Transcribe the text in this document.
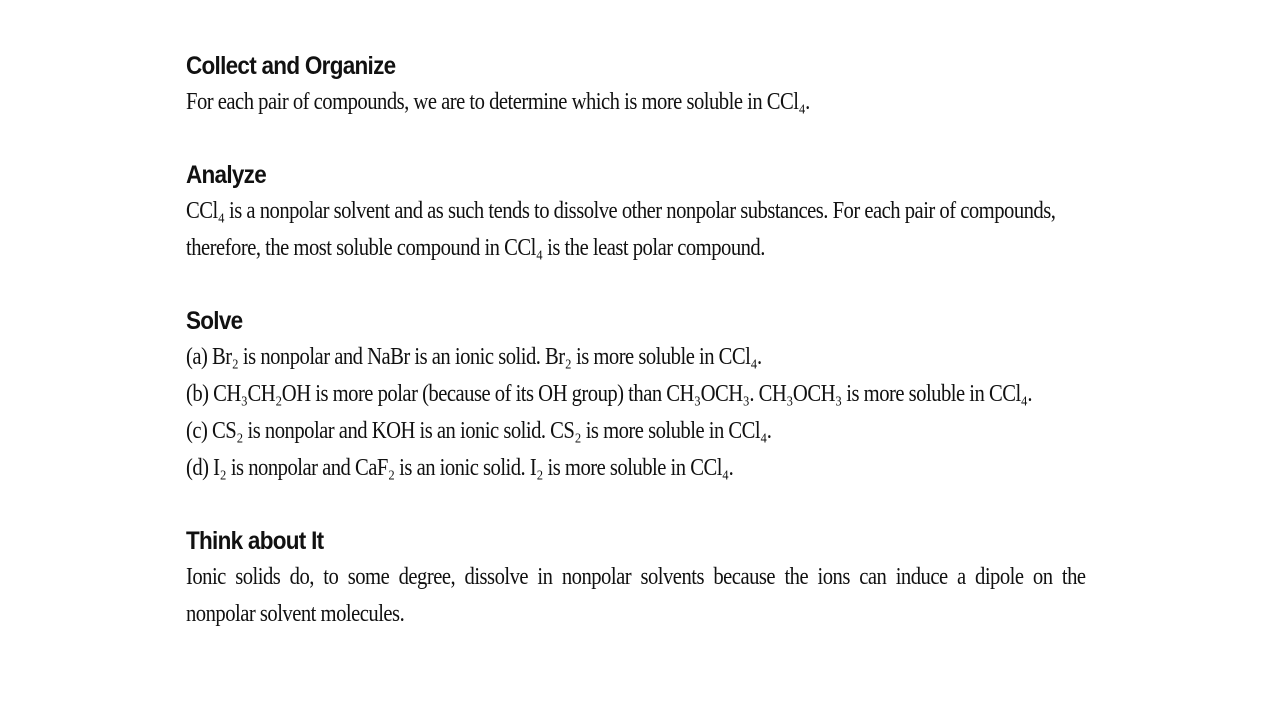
Collect and Organize

For each pair of compounds, we are to determine which is more soluble in CCl₄.

Analyze

CCl₄ is a nonpolar solvent and as such tends to dissolve other nonpolar substances. For each pair of compounds,

therefore, the most soluble compound in CCl₄ is the least polar compound.

Solve

(a) Br₂ is nonpolar and NaBr is an ionic solid. Br₂ is more soluble in CCl₄.

(b) CH₃CH₂OH is more polar (because of its OH group) than CH₃OCH₃. CH₃OCH₃ is more soluble in CCl₄.

(c) CS₂ is nonpolar and KOH is an ionic solid. CS₂ is more soluble in CCl₄.

(d) I₂ is nonpolar and CaF₂ is an ionic solid. I₂ is more soluble in CCl₄.

Think about It

Ionic solids do, to some degree, dissolve in nonpolar solvents because the ions can induce a dipole on the

nonpolar solvent molecules.
